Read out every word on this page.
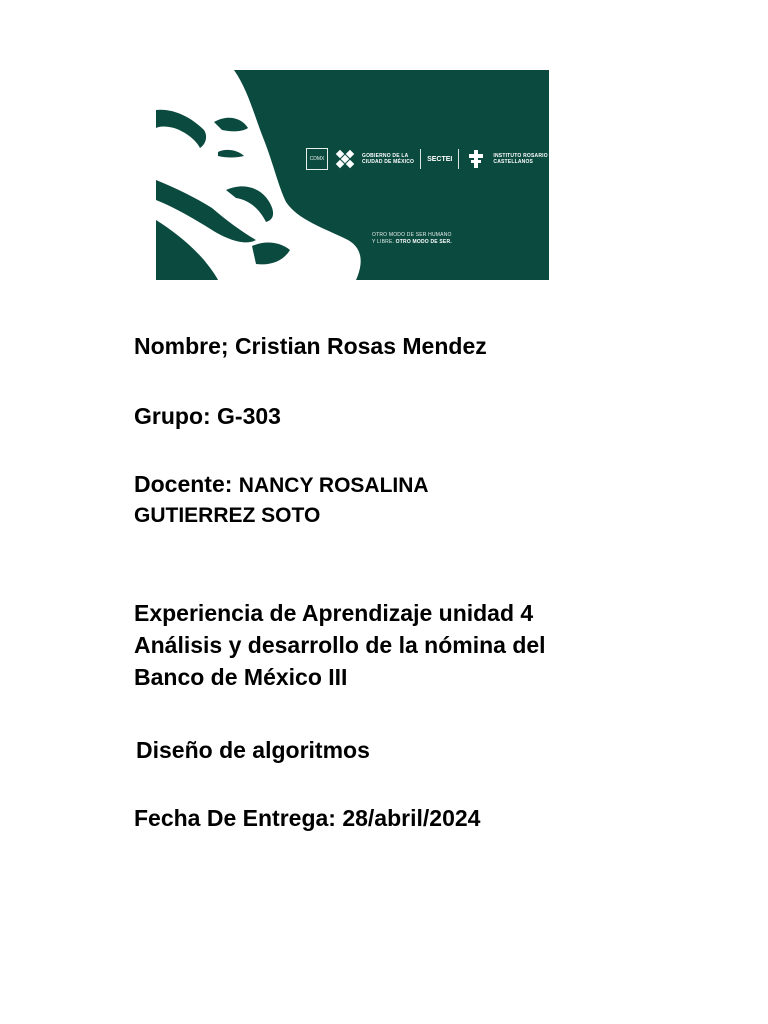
CDMX	GOBIERNO DE LA
CIUDAD DE MÉXICO SECTEI	INSTITUTO ROSARIO
CASTELLANOS
OTRO MODO DE SER HUMANO
Y LIBRE. OTRO MODO DE SER.
Nombre; Cristian Rosas Mendez
Grupo: G-303
Docente: NANCY ROSALINA
GUTIERREZ SOTO
Experiencia de Aprendizaje unidad 4
Análisis y desarrollo de la nómina del
Banco de México III
Diseño de algoritmos
Fecha De Entrega: 28/abril/2024
